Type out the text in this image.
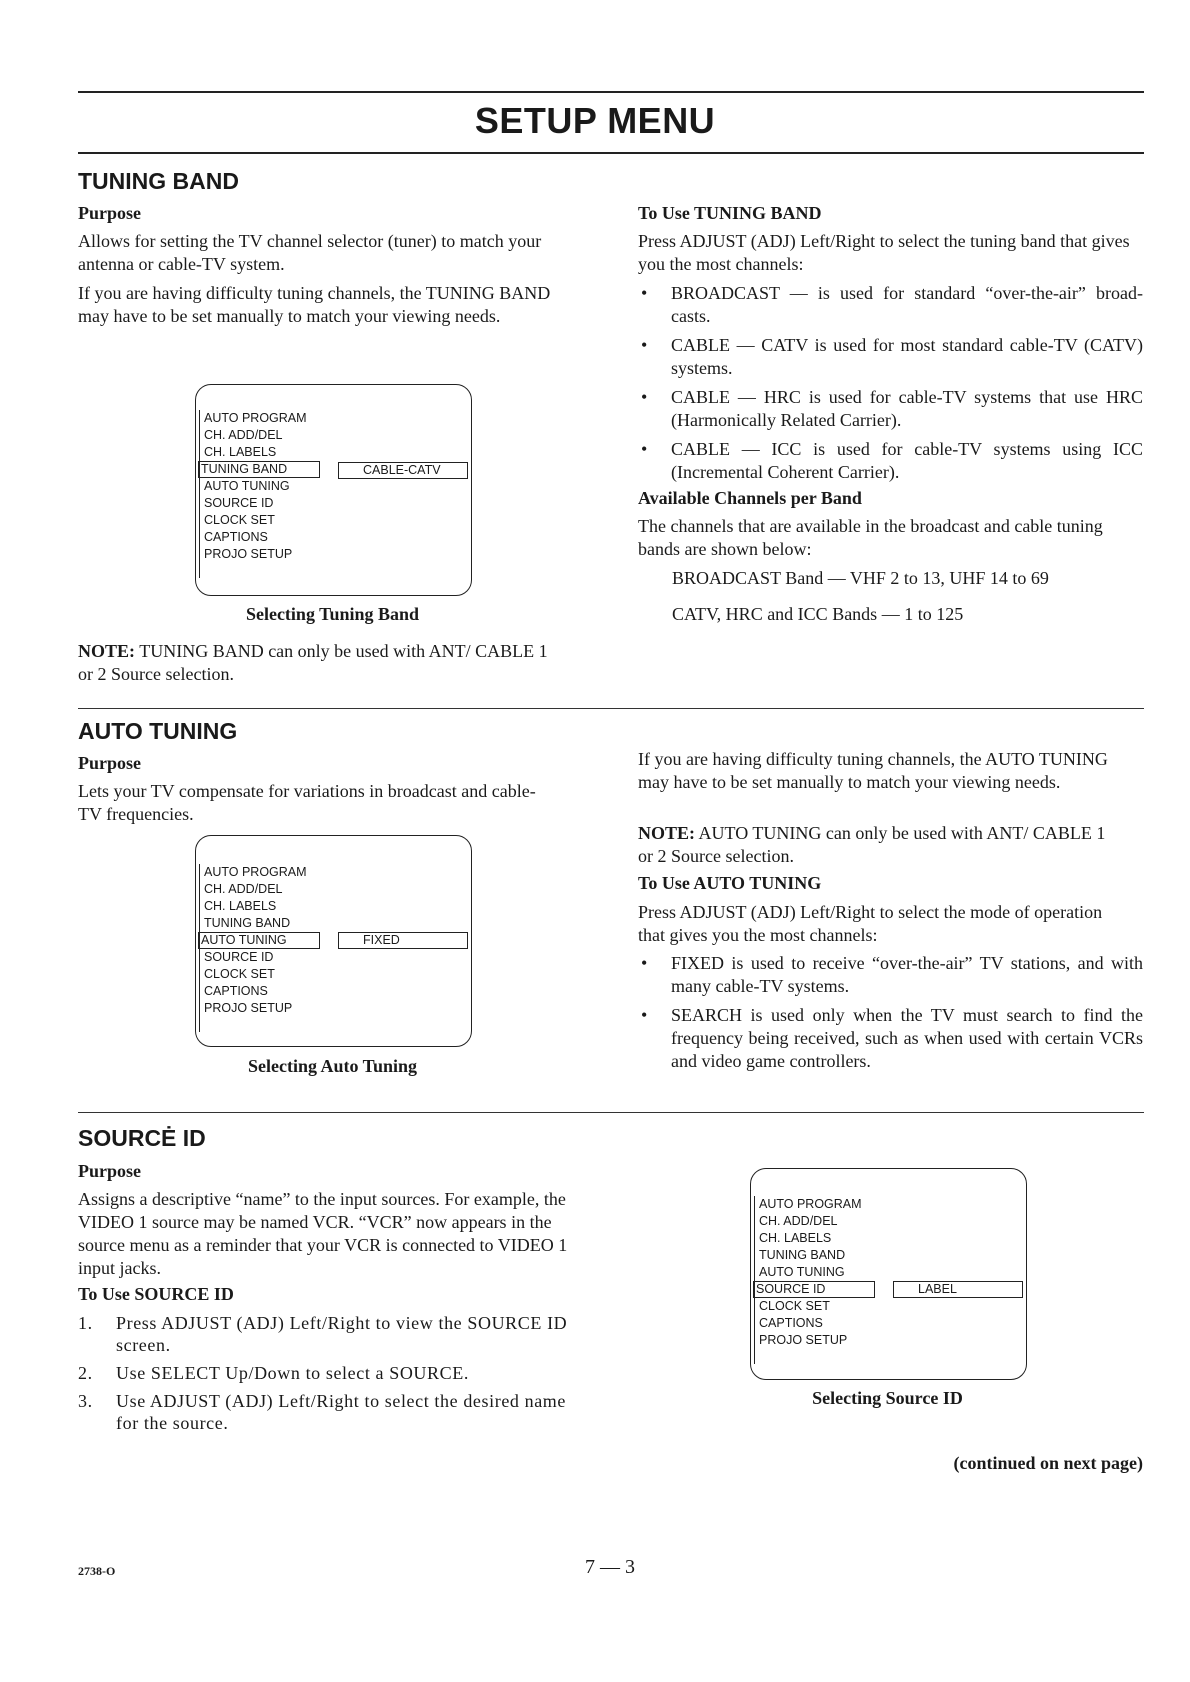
SETUP MENU
TUNING BAND
Purpose

Allows for setting the TV channel selector (tuner) to match your antenna or cable-TV system.

If you are having difficulty tuning channels, the TUNING BAND may have to be set manually to match your viewing needs.

AUTO PROGRAM
CH. ADD/DEL
CH. LABELS
TUNING BAND
AUTO TUNING
SOURCE ID
CLOCK SET
CAPTIONS
PROJO SETUP
CABLE-CATV

Selecting Tuning Band

NOTE: TUNING BAND can only be used with ANT/ CABLE 1 or 2 Source selection.

To Use TUNING BAND

Press ADJUST (ADJ) Left/Right to select the tuning band that gives you the most channels:

• BROADCAST — is used for standard “over-the-air” broad- casts.
• CABLE — CATV is used for most standard cable-TV (CATV) systems.
• CABLE — HRC is used for cable-TV systems that use HRC (Harmonically Related Carrier).
• CABLE — ICC is used for cable-TV systems using ICC (Incremental Coherent Carrier).
Available Channels per Band

The channels that are available in the broadcast and cable tuning bands are shown below:

BROADCAST Band — VHF 2 to 13, UHF 14 to 69

CATV, HRC and ICC Bands — 1 to 125

AUTO TUNING
Purpose

Lets your TV compensate for variations in broadcast and cable-TV frequencies.

AUTO PROGRAM
CH. ADD/DEL
CH. LABELS
TUNING BAND
AUTO TUNING
SOURCE ID
CLOCK SET
CAPTIONS
PROJO SETUP
FIXED

Selecting Auto Tuning

If you are having difficulty tuning channels, the AUTO TUNING may have to be set manually to match your viewing needs.

NOTE: AUTO TUNING can only be used with ANT/ CABLE 1 or 2 Source selection.

To Use AUTO TUNING

Press ADJUST (ADJ) Left/Right to select the mode of operation that gives you the most channels:

• FIXED is used to receive “over-the-air” TV stations, and with many cable-TV systems.
• SEARCH is used only when the TV must search to find the frequency being received, such as when used with certain VCRs and video game controllers.
SOURCĖ ID
Purpose

Assigns a descriptive “name” to the input sources. For example, the VIDEO 1 source may be named VCR. “VCR” now appears in the source menu as a reminder that your VCR is connected to VIDEO 1 input jacks.

To Use SOURCE ID
1. Press ADJUST (ADJ) Left/Right to view the SOURCE ID screen.
2. Use SELECT Up/Down to select a SOURCE.
3. Use ADJUST (ADJ) Left/Right to select the desired name for the source.
AUTO PROGRAM
CH. ADD/DEL
CH. LABELS
TUNING BAND
AUTO TUNING
SOURCE ID
CLOCK SET
CAPTIONS
PROJO SETUP
LABEL

Selecting Source ID

(continued on next page)

2738-O	7 — 3
